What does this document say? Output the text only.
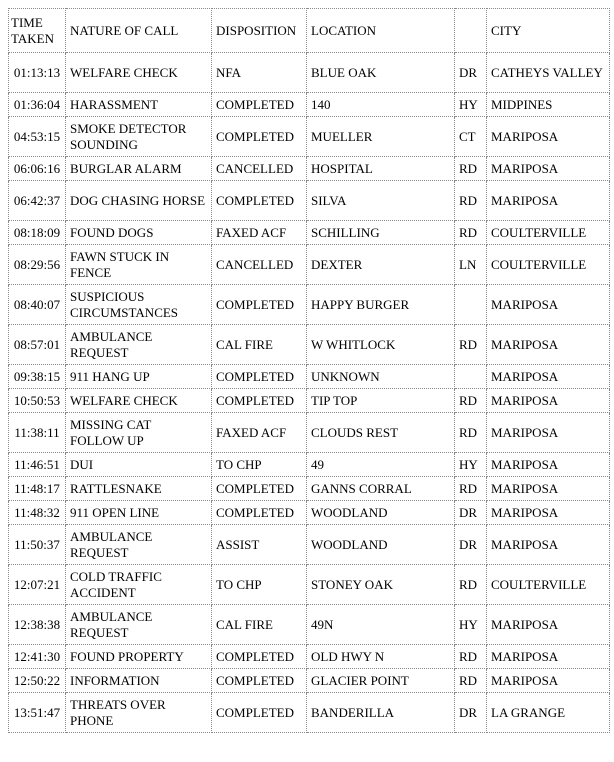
TIME TAKEN	NATURE OF CALL	DISPOSITION	LOCATION		CITY
01:13:13	WELFARE CHECK	NFA	BLUE OAK	DR	CATHEYS VALLEY
01:36:04	HARASSMENT	COMPLETED	140	HY	MIDPINES
04:53:15	SMOKE DETECTOR SOUNDING	COMPLETED	MUELLER	CT	MARIPOSA
06:06:16	BURGLAR ALARM	CANCELLED	HOSPITAL	RD	MARIPOSA
06:42:37	DOG CHASING HORSE	COMPLETED	SILVA	RD	MARIPOSA
08:18:09	FOUND DOGS	FAXED ACF	SCHILLING	RD	COULTERVILLE
08:29:56	FAWN STUCK IN FENCE	CANCELLED	DEXTER	LN	COULTERVILLE
08:40:07	SUSPICIOUS CIRCUMSTANCES	COMPLETED	HAPPY BURGER		MARIPOSA
08:57:01	AMBULANCE REQUEST	CAL FIRE	W WHITLOCK	RD	MARIPOSA
09:38:15	911 HANG UP	COMPLETED	UNKNOWN		MARIPOSA
10:50:53	WELFARE CHECK	COMPLETED	TIP TOP	RD	MARIPOSA
11:38:11	MISSING CAT FOLLOW UP	FAXED ACF	CLOUDS REST	RD	MARIPOSA
11:46:51	DUI	TO CHP	49	HY	MARIPOSA
11:48:17	RATTLESNAKE	COMPLETED	GANNS CORRAL	RD	MARIPOSA
11:48:32	911 OPEN LINE	COMPLETED	WOODLAND	DR	MARIPOSA
11:50:37	AMBULANCE REQUEST	ASSIST	WOODLAND	DR	MARIPOSA
12:07:21	COLD TRAFFIC ACCIDENT	TO CHP	STONEY OAK	RD	COULTERVILLE
12:38:38	AMBULANCE REQUEST	CAL FIRE	49N	HY	MARIPOSA
12:41:30	FOUND PROPERTY	COMPLETED	OLD HWY N	RD	MARIPOSA
12:50:22	INFORMATION	COMPLETED	GLACIER POINT	RD	MARIPOSA
13:51:47	THREATS OVER PHONE	COMPLETED	BANDERILLA	DR	LA GRANGE
